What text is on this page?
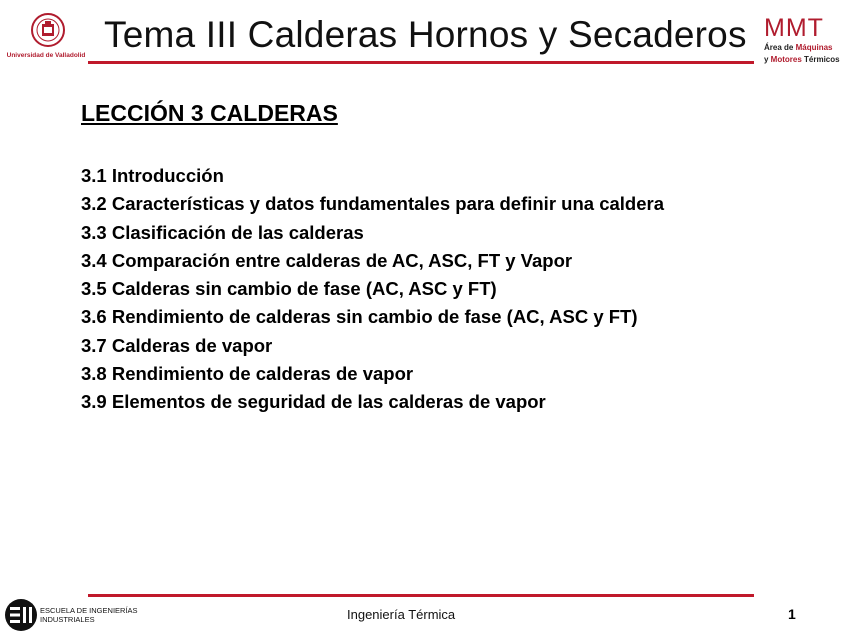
Universidad de Valladolid
Tema III Calderas Hornos y Secaderos MMT
Área de Máquinas
y Motores Térmicos
LECCIÓN 3 CALDERAS
3.1 Introducción
3.2 Características y datos fundamentales para definir una caldera
3.3 Clasificación de las calderas
3.4 Comparación entre calderas de AC, ASC, FT y Vapor
3.5 Calderas sin cambio de fase (AC, ASC y FT)
3.6 Rendimiento de calderas sin cambio de fase (AC, ASC y FT)
3.7 Calderas de vapor
3.8 Rendimiento de calderas de vapor
3.9 Elementos de seguridad de las calderas de vapor
ESCUELA DE INGENIERÍAS
INDUSTRIALES	Ingeniería Térmica	1
